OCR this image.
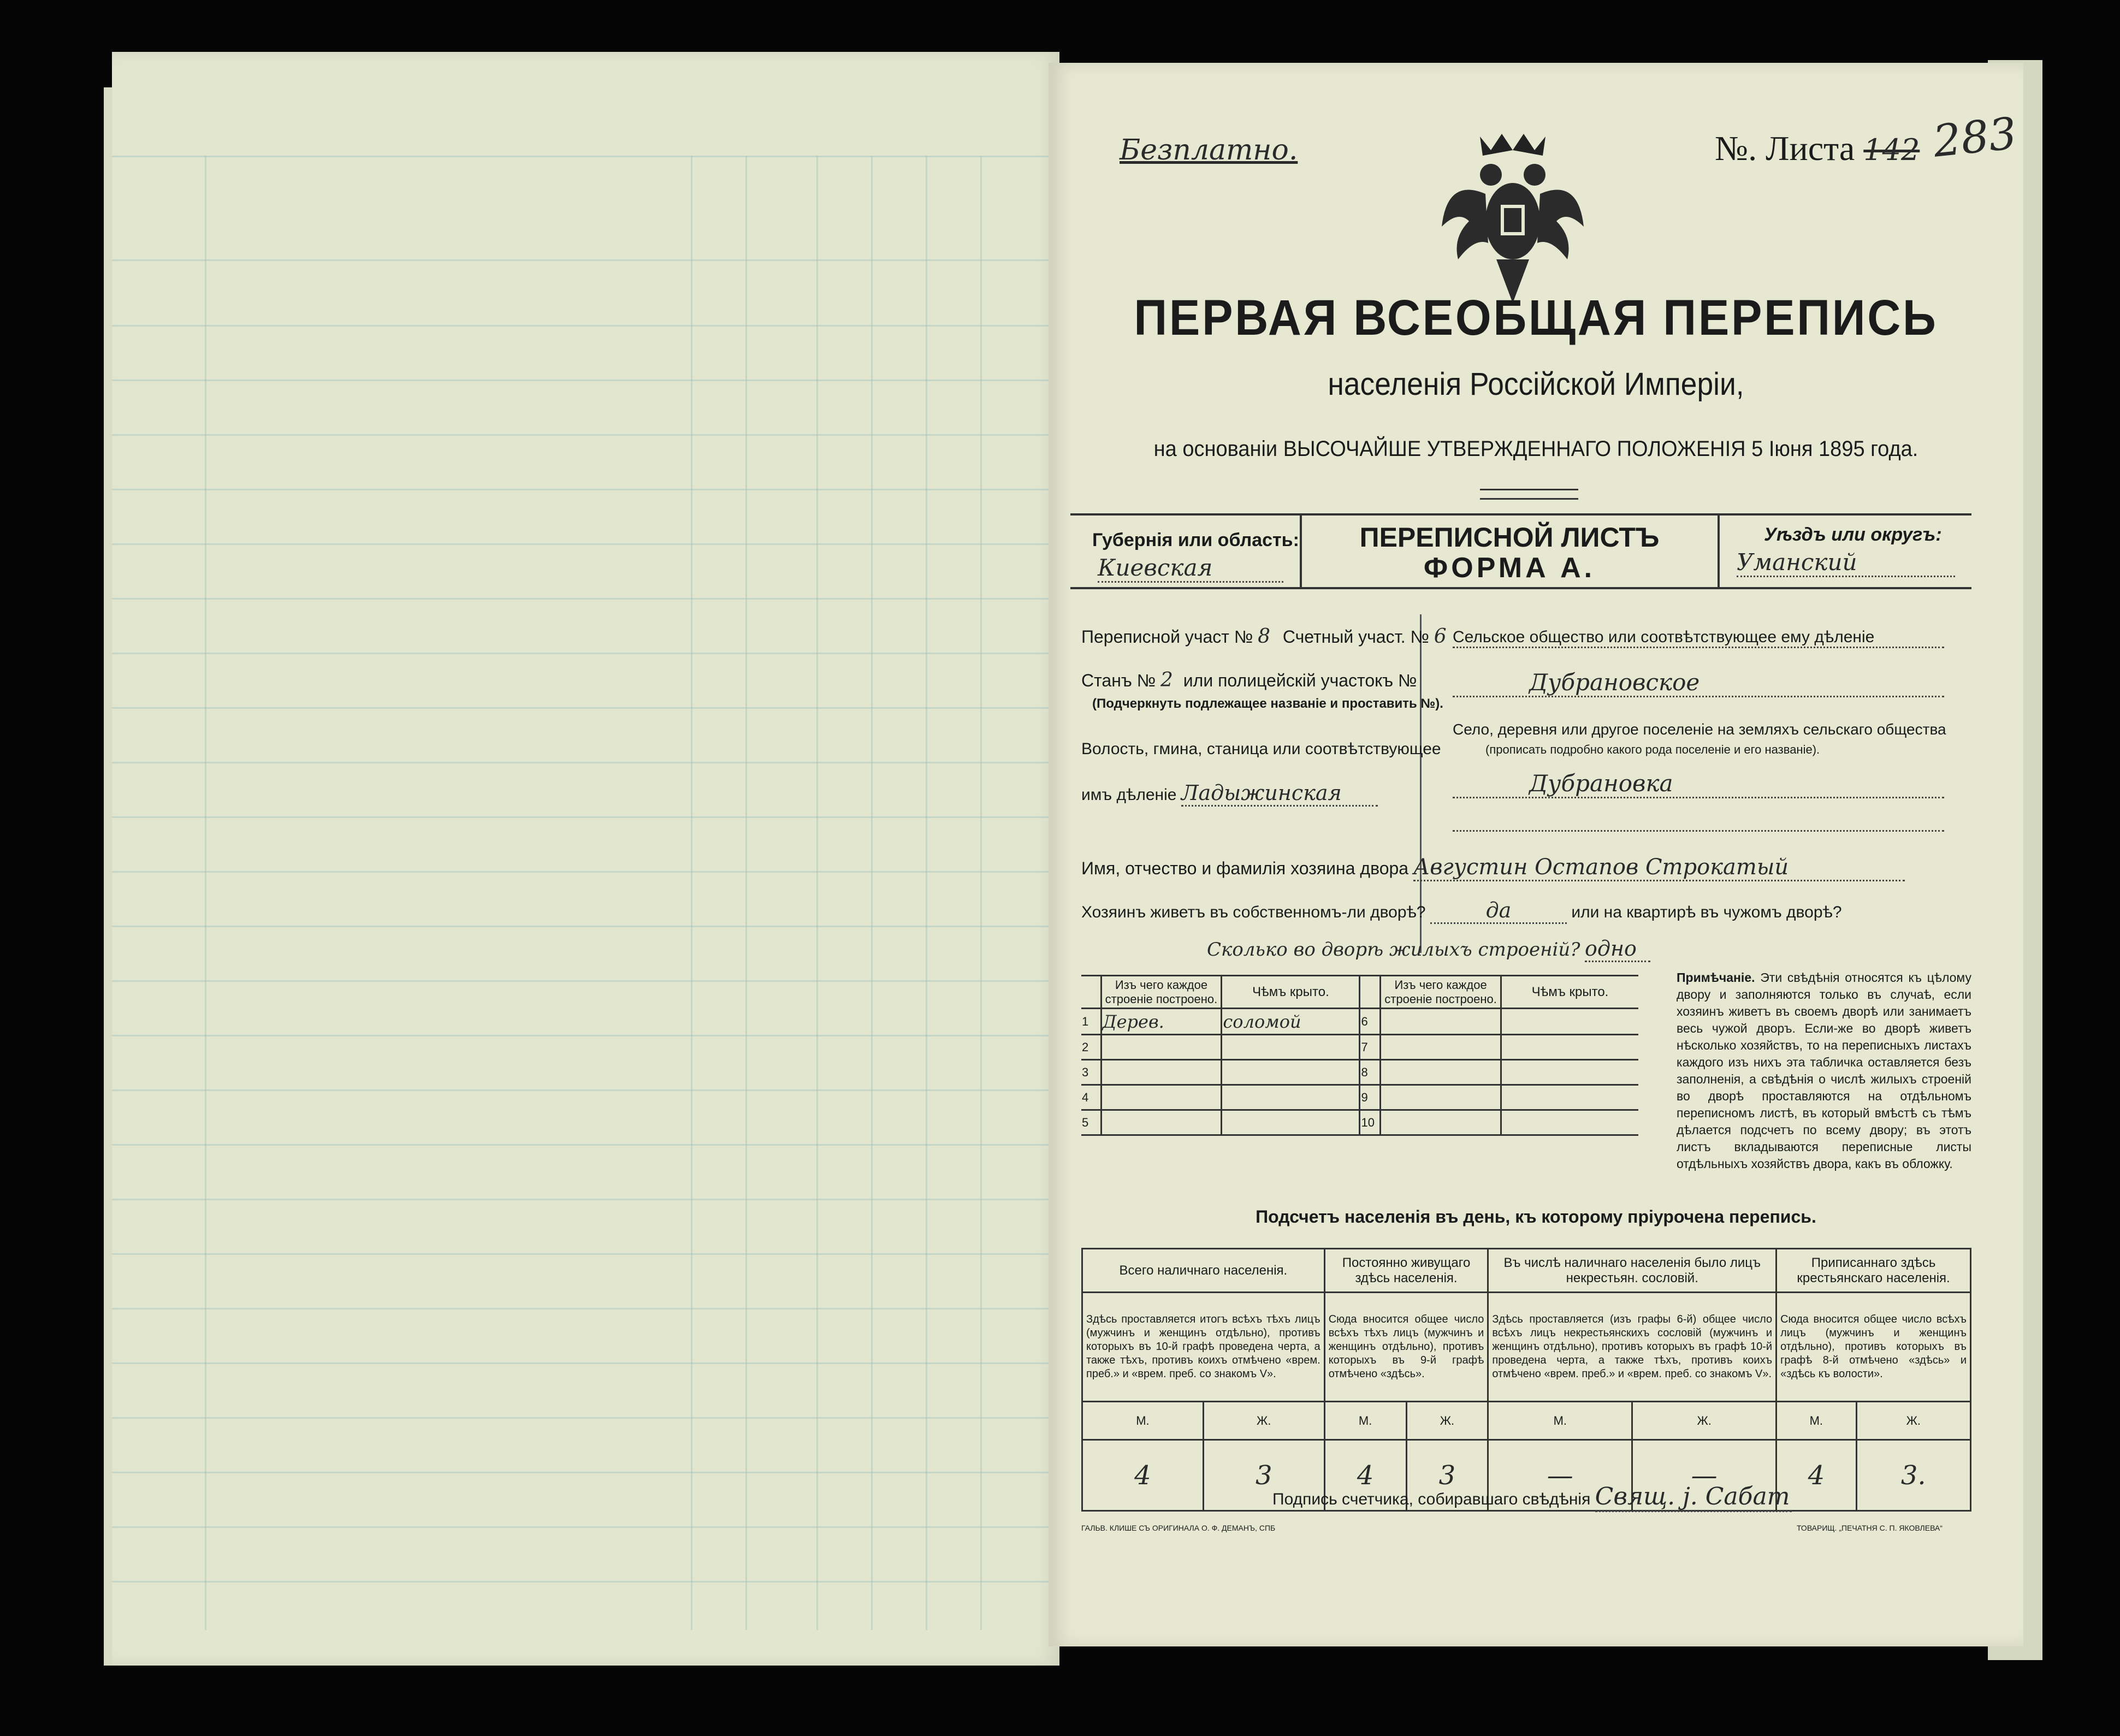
Безплатно.	№. Листа 142 283
ПЕРВАЯ ВСЕОБЩАЯ ПЕРЕПИСЬ
населенія Россійской Имперіи,
на основаніи ВЫСОЧАЙШЕ УТВЕРЖДЕННАГО ПОЛОЖЕНІЯ 5 Іюня 1895 года.
Губернія или область:
Киевская
ПЕРЕПИСНОЙ ЛИСТЪ
ФОРМА А.
Уѣздъ или округъ:
Уманский
Переписной участ № 8 Счетный участ. № 6
Станъ № 2 или полицейскій участокъ №
(Подчеркнуть подлежащее названіе и проставить №).
Волость, гмина, станица или соотвѣтствующее
имъ дѣленіе Ладыжинская
Сельское общество или соотвѣтствующее ему дѣленіе
Дубрановское
Село, деревня или другое поселеніе на земляхъ сельскаго общества
(прописать подробно какого рода поселеніе и его названіе).
Дубрановка
Имя, отчество и фамилія хозяина двора Августин Остапов Строкатый
Хозяинъ живетъ въ собственномъ-ли дворѣ?	да	или на квартирѣ въ чужомъ дворѣ?
Сколько во дворѣ жилыхъ строеній? одно
	Изъ чего каждое строеніе построено.	Чѣмъ крыто.		Изъ чего каждое строеніе построено.	Чѣмъ крыто.
1	Дерев.	соломой	6		
2			7		
3			8		
4			9		
5			10		
Примѣчаніе. Эти свѣдѣнія относятся къ цѣлому двору и заполняются только въ случаѣ, если хозяинъ живетъ въ своемъ дворѣ или занимаетъ весь чужой дворъ. Если-же во дворѣ живетъ нѣсколько хозяйствъ, то на переписныхъ листахъ каждого изъ нихъ эта табличка оставляется безъ заполненія, а свѣдѣнія о числѣ жилыхъ строеній во дворѣ проставляются на отдѣльномъ переписномъ листѣ, въ который вмѣстѣ съ тѣмъ дѣлается подсчетъ по всему двору; въ этотъ листъ вкладываются переписные листы отдѣльныхъ хозяйствъ двора, какъ въ обложку.
Подсчетъ населенія въ день, къ которому пріурочена перепись.
Всего наличнаго населенія.		Постоянно живущаго здѣсь населенія.		Въ числѣ наличнаго населенія было лицъ некрестьян. сословій.		Приписаннаго здѣсь крестьянскаго населенія.	
Здѣсь проставляется итогъ всѣхъ тѣхъ лицъ (мужчинъ и женщинъ отдѣльно), противъ которыхъ въ 10-й графѣ проведена черта, а также тѣхъ, противъ коихъ отмѣчено «врем. преб.» и «врем. преб. со знакомъ V».		Сюда вносится общее число всѣхъ тѣхъ лицъ (мужчинъ и женщинъ отдѣльно), противъ которыхъ въ 9-й графѣ отмѣчено «здѣсь».		Здѣсь проставляется (изъ графы 6-й) общее число всѣхъ лицъ некрестьянскихъ сословій (мужчинъ и женщинъ отдѣльно), противъ которыхъ въ графѣ 10-й проведена черта, а также тѣхъ, противъ коихъ отмѣчено «врем. преб.» и «врем. преб. со знакомъ V».		Сюда вносится общее число всѣхъ лицъ (мужчинъ и женщинъ отдѣльно), противъ которыхъ въ графѣ 8-й отмѣчено «здѣсь» и «здѣсь къ волости».	
М.	Ж.	М.	Ж.	М.	Ж.	М.	Ж.
4	3	4	3	—	—	4	3.
Подпись счетчика, собиравшаго свѣдѣнія Свящ. ј. Сабат
ГАЛЬВ. КЛИШЕ СЪ ОРИГИНАЛА О. Ф. ДЕМАНЪ, СПБ	ТОВАРИЩ. „ПЕЧАТНЯ С. П. ЯКОВЛЕВА“
